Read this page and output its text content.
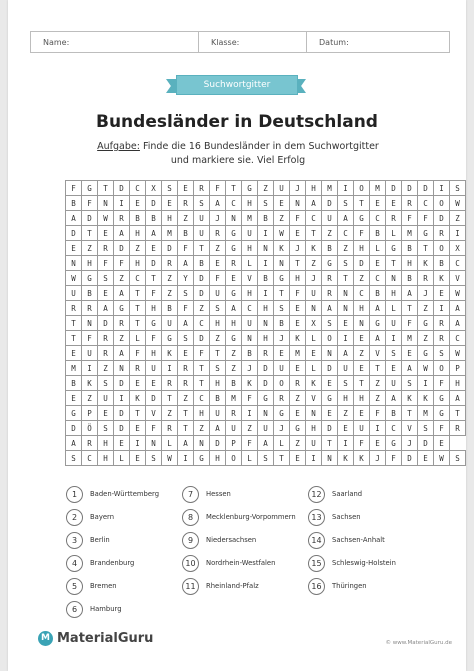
Name:	Klasse:	Datum:
Suchwortgitter
Bundesländer in Deutschland
Aufgabe: Finde die 16 Bundesländer in dem Suchwortgitter
und markiere sie. Viel Erfolg
F	G	T	D	C	X	S	E	R	F	T	G	Z	U	J	H	M	I	O	M	D	D	D	I	S
B	F	N	I	E	D	E	R	S	A	C	H	S	E	N	A	D	S	T	E	E	R	C	O	W
A	D	W	R	B	B	H	Z	U	J	N	M	B	Z	F	C	U	A	G	C	R	F	F	D	Z
D	T	E	A	H	A	M	B	U	R	G	U	I	W	E	T	Z	C	F	B	L	M	G	R	I
E	Z	R	D	Z	E	D	F	T	Z	G	H	N	K	J	K	B	Z	H	L	G	B	T	O	X
N	H	F	F	H	D	R	A	B	E	R	L	I	N	T	Z	G	S	D	E	T	H	K	B	C
W	G	S	Z	C	T	Z	Y	D	F	E	V	B	G	H	J	R	T	Z	C	N	B	R	K	V
U	B	E	A	T	F	Z	S	D	U	G	H	I	T	F	U	R	N	C	B	H	A	J	E	W
R	R	A	G	T	H	B	F	Z	S	A	C	H	S	E	N	A	N	H	A	L	T	Z	I	A
T	N	D	R	T	G	U	A	C	H	H	U	N	B	E	X	S	E	N	G	U	F	G	R	A
T	F	R	Z	L	F	G	S	D	Z	G	N	H	J	K	L	O	I	E	A	I	M	Z	R	C
E	U	R	A	F	H	K	E	F	T	Z	B	R	E	M	E	N	A	Z	V	S	E	G	S	W
M	I	Z	N	R	U	I	R	T	S	Z	J	D	U	E	L	D	U	E	T	E	A	W	O	P
B	K	S	D	E	E	R	R	T	H	B	K	D	O	R	K	E	S	T	Z	U	S	I	F	H
E	Z	U	I	K	D	T	Z	C	B	M	F	G	R	Z	V	G	H	H	Z	A	K	K	G	A
G	P	E	D	T	V	Z	T	H	U	R	I	N	G	E	N	E	Z	E	F	B	T	M	G	T
D	Ö	S	D	E	F	R	T	Z	A	U	Z	U	J	G	H	D	E	U	I	C	V	S	F	R
A	R	H	E	I	N	L	A	N	D	P	F	A	L	Z	U	T	I	F	E	G	J	D	E	
S	C	H	L	E	S	W	I	G	H	O	L	S	T	E	I	N	K	K	J	F	D	E	W	S
1	Baden-Württemberg
2	Bayern
3	Berlin
4	Brandenburg
5	Bremen
6	Hamburg
7	Hessen
8	Mecklenburg-Vorpommern
9	Niedersachsen
10	Nordrhein-Westfalen
11	Rheinland-Pfalz
12	Saarland
13	Sachsen
14	Sachsen-Anhalt
15	Schleswig-Holstein
16	Thüringen
M MaterialGuru	© www.MaterialGuru.de
